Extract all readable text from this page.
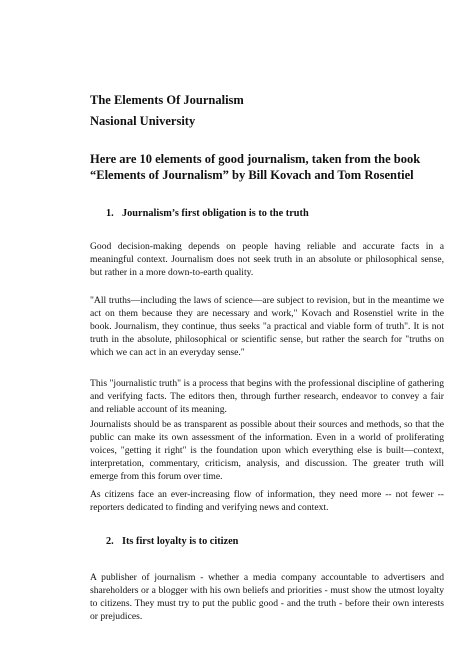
The Elements Of Journalism

Nasional University

Here are 10 elements of good journalism, taken from the book “Elements of Journalism” by Bill Kovach and Tom Rosentiel

1. Journalism’s first obligation is to the truth

Good decision-making depends on people having reliable and accurate facts in a meaningful context. Journalism does not seek truth in an absolute or philosophical sense, but rather in a more down-to-earth quality.

"All truths—including the laws of science—are subject to revision, but in the meantime we act on them because they are necessary and work," Kovach and Rosenstiel write in the book. Journalism, they continue, thus seeks "a practical and viable form of truth". It is not truth in the absolute, philosophical or scientific sense, but rather the search for "truths on which we can act in an everyday sense."

This "journalistic truth" is a process that begins with the professional discipline of gathering and verifying facts. The editors then, through further research, endeavor to convey a fair and reliable account of its meaning.

Journalists should be as transparent as possible about their sources and methods, so that the public can make its own assessment of the information. Even in a world of proliferating voices, "getting it right" is the foundation upon which everything else is built—context, interpretation, commentary, criticism, analysis, and discussion. The greater truth will emerge from this forum over time.

As citizens face an ever-increasing flow of information, they need more -- not fewer -- reporters dedicated to finding and verifying news and context.

2. Its first loyalty is to citizen

A publisher of journalism - whether a media company accountable to advertisers and shareholders or a blogger with his own beliefs and priorities - must show the utmost loyalty to citizens. They must try to put the public good - and the truth - before their own interests or prejudices.
